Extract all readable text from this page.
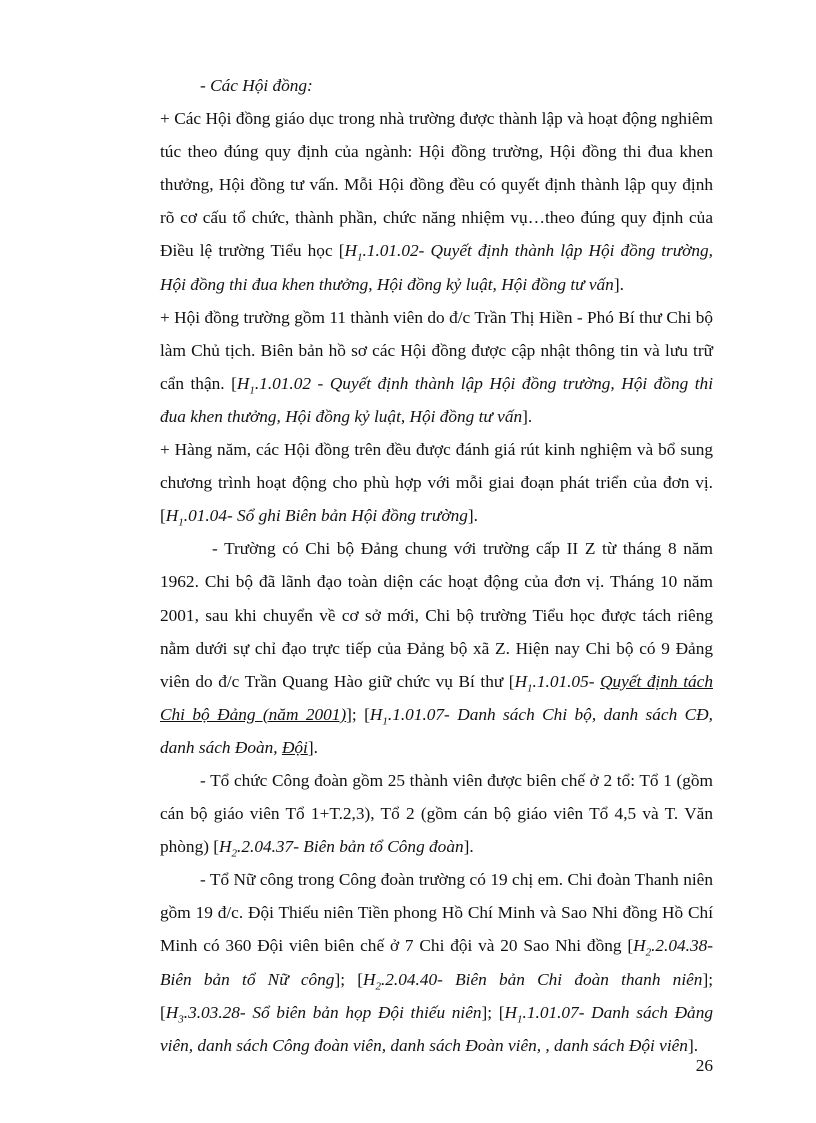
- Các Hội đồng:

+ Các Hội đồng giáo dục trong nhà trường được thành lập và hoạt động nghiêm túc theo đúng quy định của ngành: Hội đồng trường, Hội đồng thi đua khen thưởng, Hội đồng tư vấn. Mỗi Hội đồng đều có quyết định thành lập quy định rõ cơ cấu tổ chức, thành phần, chức năng nhiệm vụ…theo đúng quy định của Điều lệ trường Tiểu học [$H_1.1.01.02-$ Quyết định thành lập Hội đồng trường, Hội đồng thi đua khen thưởng, Hội đồng kỷ luật, Hội đồng tư vấn].

+ Hội đồng trường gồm 11 thành viên do đ/c Trần Thị Hiền - Phó Bí thư Chi bộ làm Chủ tịch. Biên bản hồ sơ các Hội đồng được cập nhật thông tin và lưu trữ cẩn thận. [$H_1.1.01.02$ - Quyết định thành lập Hội đồng trường, Hội đồng thi đua khen thưởng, Hội đồng kỷ luật, Hội đồng tư vấn].

+ Hàng năm, các Hội đồng trên đều được đánh giá rút kinh nghiệm và bổ sung chương trình hoạt động cho phù hợp với mỗi giai đoạn phát triển của đơn vị. [$H_1.01.04-$ Sổ ghi Biên bản Hội đồng trường].

- Trường có Chi bộ Đảng chung với trường cấp II Z từ tháng 8 năm 1962. Chi bộ đã lãnh đạo toàn diện các hoạt động của đơn vị. Tháng 10 năm 2001, sau khi chuyển về cơ sở mới, Chi bộ trường Tiểu học được tách riêng nằm dưới sự chỉ đạo trực tiếp của Đảng bộ xã Z. Hiện nay Chi bộ có 9 Đảng viên do đ/c Trần Quang Hào giữ chức vụ Bí thư [$H_1.1.01.05-$ Quyết định tách Chi bộ Đảng (năm 2001)]; [$H_1.1.01.07-$ Danh sách Chi bộ, danh sách CĐ, danh sách Đoàn, Đội].

- Tổ chức Công đoàn gồm 25 thành viên được biên chế ở 2 tổ: Tổ 1 (gồm cán bộ giáo viên Tổ 1+T.2,3), Tổ 2 (gồm cán bộ giáo viên Tổ 4,5 và T. Văn phòng) [$H_2.2.04.37-$ Biên bản tổ Công đoàn].

- Tổ Nữ công trong Công đoàn trường có 19 chị em. Chi đoàn Thanh niên gồm 19 đ/c. Đội Thiếu niên Tiền phong Hồ Chí Minh và Sao Nhi đồng Hồ Chí Minh có 360 Đội viên biên chế ở 7 Chi đội và 20 Sao Nhi đồng [$H_2.2.04.38-$ Biên bản tổ Nữ công]; [$H_2.2.04.40-$ Biên bản Chi đoàn thanh niên]; [$H_3.3.03.28-$ Sổ biên bản họp Đội thiếu niên]; [$H_1.1.01.07-$ Danh sách Đảng viên, danh sách Công đoàn viên, danh sách Đoàn viên, , danh sách Đội viên].

26
